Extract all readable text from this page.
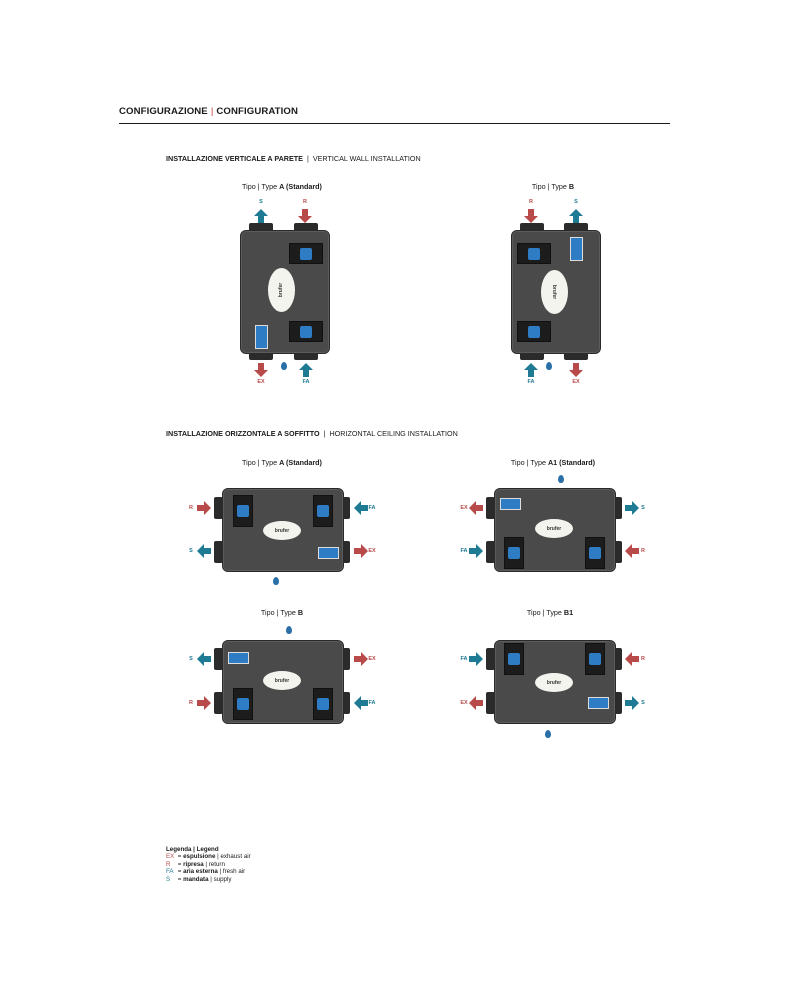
CONFIGURAZIONE | CONFIGURATION
INSTALLAZIONE VERTICALE A PARETE | VERTICAL WALL INSTALLATION
INSTALLAZIONE ORIZZONTALE A SOFFITTO | HORIZONTAL CEILING INSTALLATION
Tipo | Type A (Standard)	Tipo | Type B
Tipo | Type A (Standard)	Tipo | Type A1 (Standard)
Tipo | Type B	Tipo | Type B1
brufer
S	R
EX	FA
brufer
R	S
FA	EX
brufer
R
S
FA
EX
brufer
EX
FA
S
R
brufer
S
R
EX
FA
brufer
FA
EX
R
S
Legenda | Legend
EX = espulsione | exhaust air
R = ripresa | return
FA = aria esterna | fresh air
S = mandata | supply
